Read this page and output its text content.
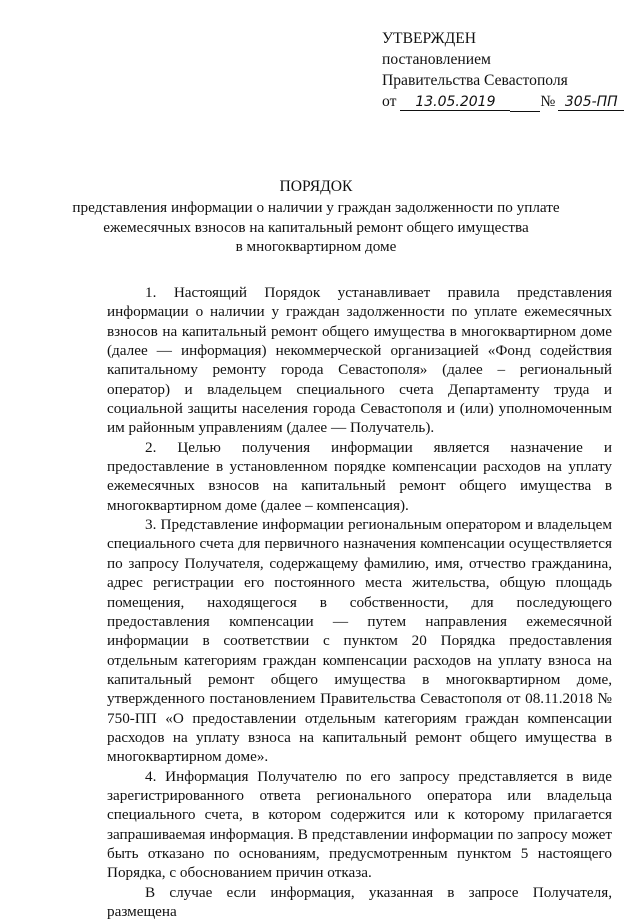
УТВЕРЖДЕН
постановлением
Правительства Севастополя
от 13.05.2019	№ 305-ПП
ПОРЯДОК
представления информации о наличии у граждан задолженности по уплате
ежемесячных взносов на капитальный ремонт общего имущества
в многоквартирном доме

1. Настоящий Порядок устанавливает правила представления информации о наличии у граждан задолженности по уплате ежемесячных взносов на капитальный ремонт общего имущества в многоквартирном доме (далее — информация) некоммерческой организацией «Фонд содействия капитальному ремонту города Севастополя» (далее – региональный оператор) и владельцем специального счета Департаменту труда и социальной защиты населения города Севастополя и (или) уполномоченным им районным управлениям (далее — Получатель).

2. Целью получения информации является назначение и предоставление в установленном порядке компенсации расходов на уплату ежемесячных взносов на капитальный ремонт общего имущества в многоквартирном доме (далее – компенсация).

3. Представление информации региональным оператором и владельцем специального счета для первичного назначения компенсации осуществляется по запросу Получателя, содержащему фамилию, имя, отчество гражданина, адрес регистрации его постоянного места жительства, общую площадь помещения, находящегося в собственности, для последующего предоставления компенсации — путем направления ежемесячной информации в соответствии с пунктом 20 Порядка предоставления отдельным категориям граждан компенсации расходов на уплату взноса на капитальный ремонт общего имущества в многоквартирном доме, утвержденного постановлением Правительства Севастополя от 08.11.2018 № 750-ПП «О предоставлении отдельным категориям граждан компенсации расходов на уплату взноса на капитальный ремонт общего имущества в многоквартирном доме».

4. Информация Получателю по его запросу представляется в виде зарегистрированного ответа регионального оператора или владельца специального счета, в котором содержится или к которому прилагается запрашиваемая информация. В представлении информации по запросу может быть отказано по основаниям, предусмотренным пунктом 5 настоящего Порядка, с обоснованием причин отказа.

В случае если информация, указанная в запросе Получателя, размещена
